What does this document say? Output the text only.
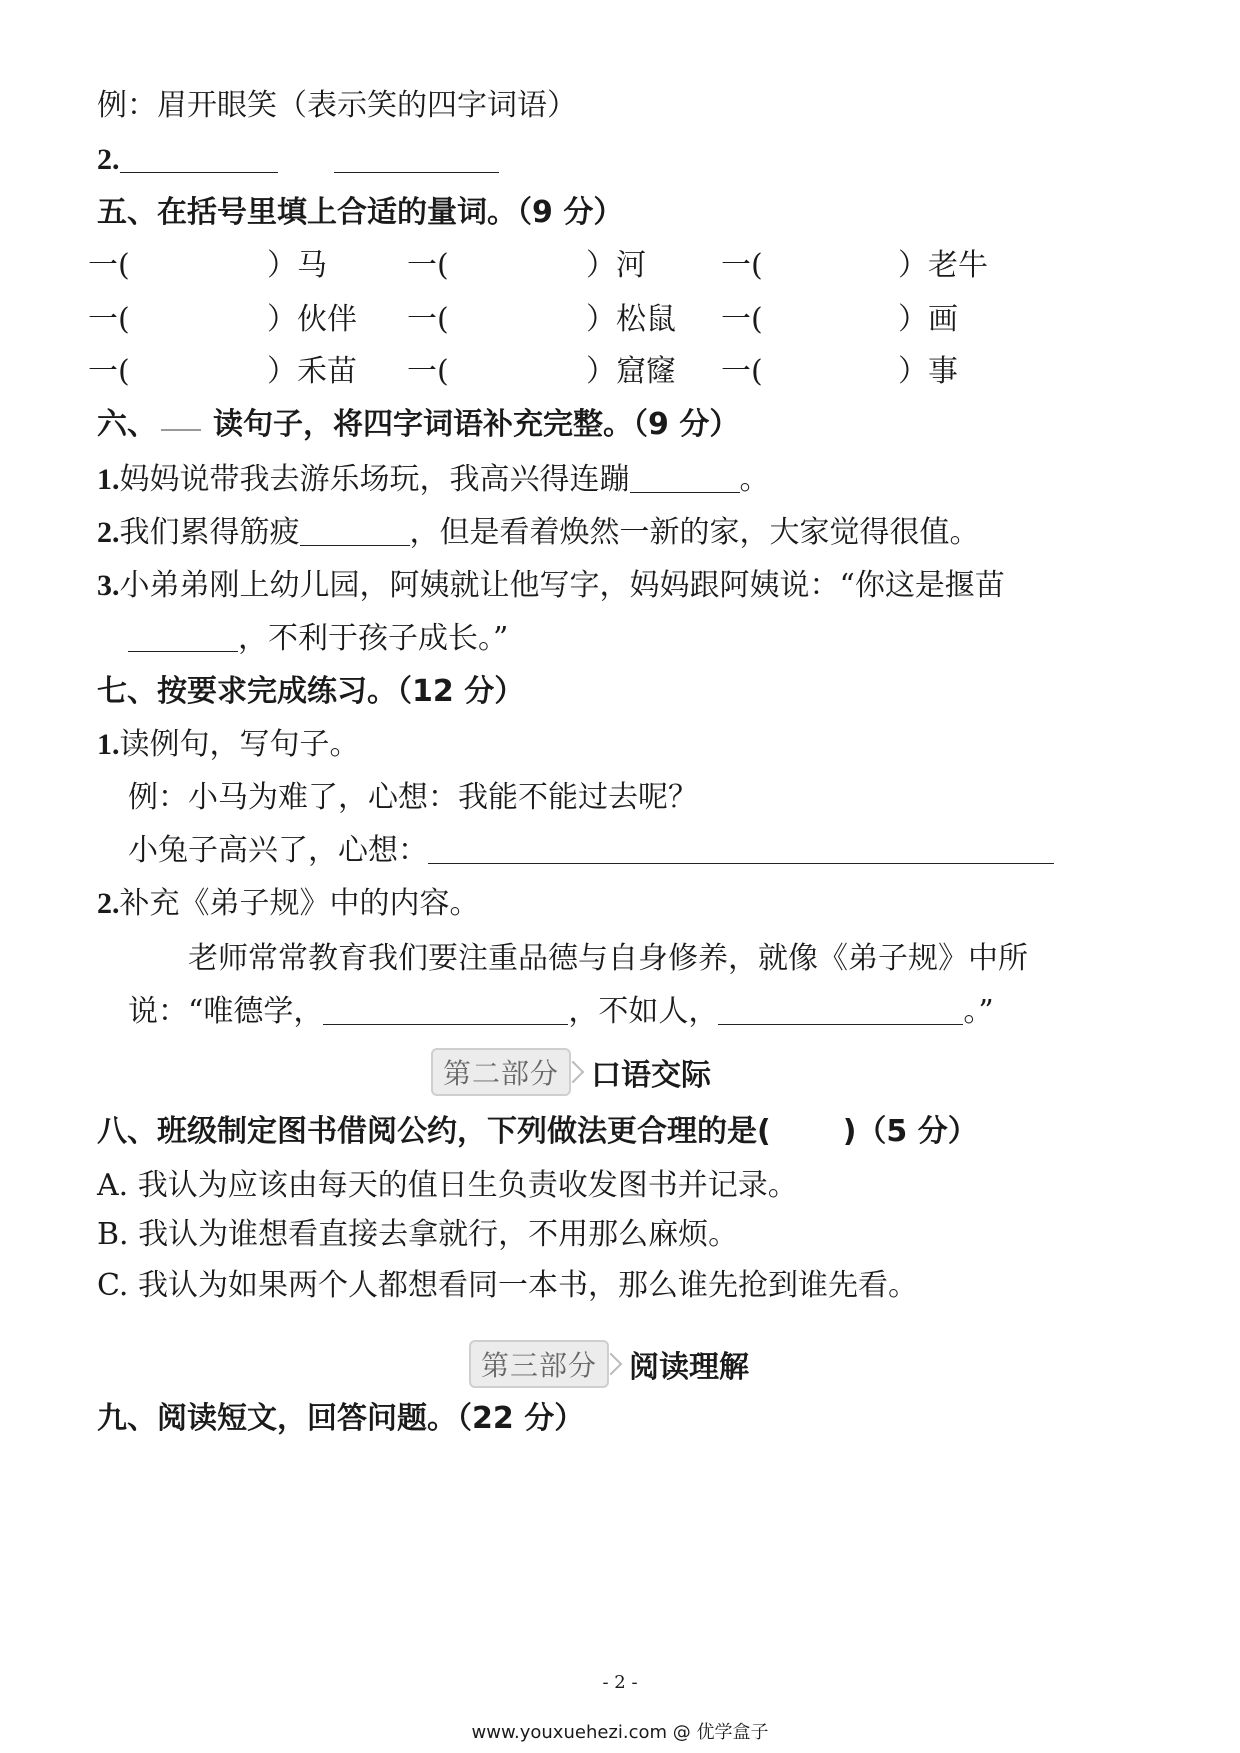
例：眉开眼笑（表示笑的四字词语）
2.
五、在括号里填上合适的量词。（9 分）
一(	）马	一(	）河	一(	）老牛
一(	）伙伴 一(	）松鼠 一(	）画
一(	）禾苗 一(	）窟窿 一(	）事
六、 读句子，将四字词语补充完整。（9 分）
1.妈妈说带我去游乐场玩，我高兴得连蹦	。
2.我们累得筋疲	，但是看着焕然一新的家，大家觉得很值。
3.小弟弟刚上幼儿园，阿姨就让他写字，妈妈跟阿姨说：“你这是揠苗
，不利于孩子成长。”
七、按要求完成练习。（12 分）
1.读例句，写句子。
例：小马为难了，心想：我能不能过去呢？
小兔子高兴了，心想：
2.补充《弟子规》中的内容。
老师常常教育我们要注重品德与自身修养，就像《弟子规》中所
说：“唯德学，	，不如人，	。”
第二部分	口语交际
八、班级制定图书借阅公约，下列做法更合理的是( )（5 分）
A. 我认为应该由每天的值日生负责收发图书并记录。
B. 我认为谁想看直接去拿就行，不用那么麻烦。
C. 我认为如果两个人都想看同一本书，那么谁先抢到谁先看。
第三部分	阅读理解
九、阅读短文，回答问题。（22 分）
- 2 -
www.youxuehezi.com @ 优学盒子
